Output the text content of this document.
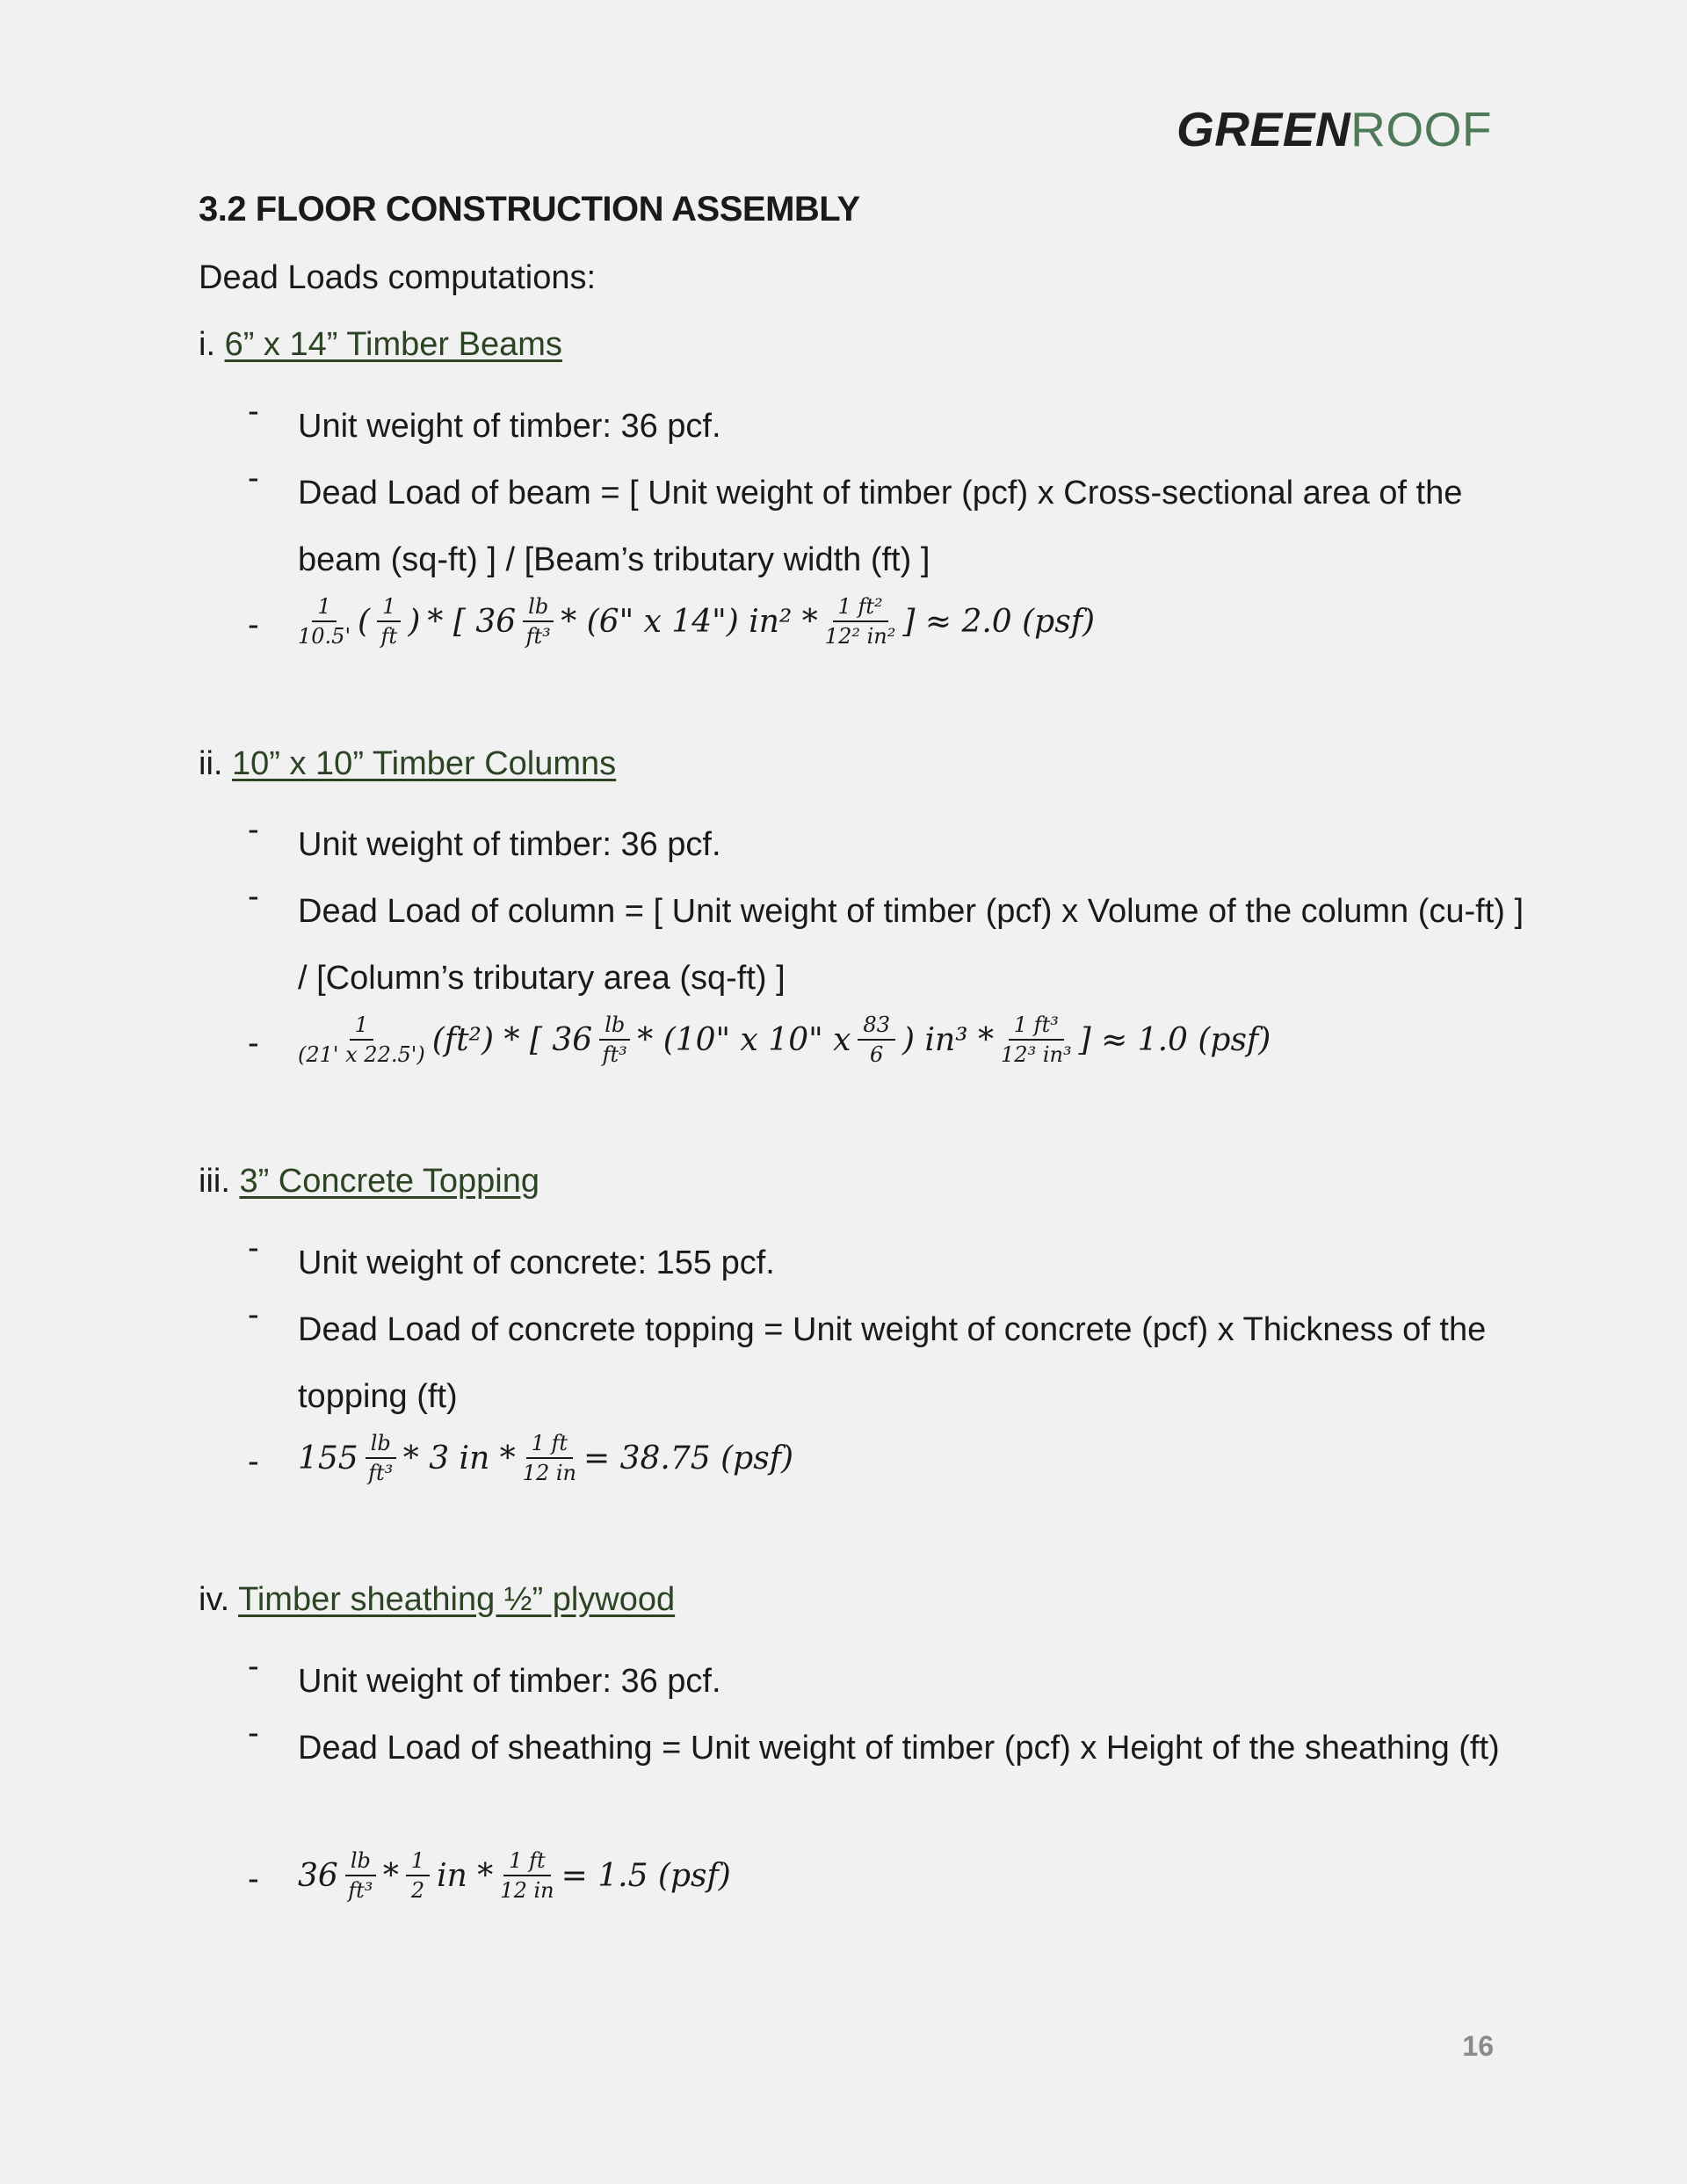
GREENROOF
3.2 FLOOR CONSTRUCTION ASSEMBLY
Dead Loads computations:
i. 6” x 14” Timber Beams
- Unit weight of timber: 36 pcf.
- Dead Load of beam = [ Unit weight of timber (pcf) x Cross-sectional area of the beam (sq-ft) ] / [Beam’s tributary width (ft) ]
- $\frac{1}{10.5'}$ ( $\frac{1}{ft}$ ) * [ $36 \frac{lb}{\text{ft³}} * (6$" x 14") $in^2 * \frac{\text{1 ft²}}{\text{12² in²}}$ ] ≈ 2.0 (psf)
ii. 10” x 10” Timber Columns
- Unit weight of timber: 36 pcf.
- Dead Load of column = [ Unit weight of timber (pcf) x Volume of the column (cu-ft) ] / [Column’s tributary area (sq-ft) ]
- $\frac{1}{(21' x 22.5')} (ft^2)$ * [ $36 \frac{lb}{\text{ft³}} * (10$" x 10" x $\frac{83}{6}$ ) $in^3 * \frac{\text{1 ft³}}{\text{12³ in³}}$ ] ≈ 1.0 (psf)
iii. 3” Concrete Topping
- Unit weight of concrete: 155 pcf.
- Dead Load of concrete topping = Unit weight of concrete (pcf) x Thickness of the topping (ft)
- $155 \frac{lb}{\text{ft³}} * 3$ in * $\frac{1 ft}{12 in} = 38.75$ (psf)
iv. Timber sheathing ½” plywood
- Unit weight of timber: 36 pcf.
- Dead Load of sheathing = Unit weight of timber (pcf) x Height of the sheathing (ft)
- $36 \frac{lb}{\text{ft³}} * \frac{1}{2}$ in * $\frac{1 ft}{12 in} = 1.5$ (psf)
16
